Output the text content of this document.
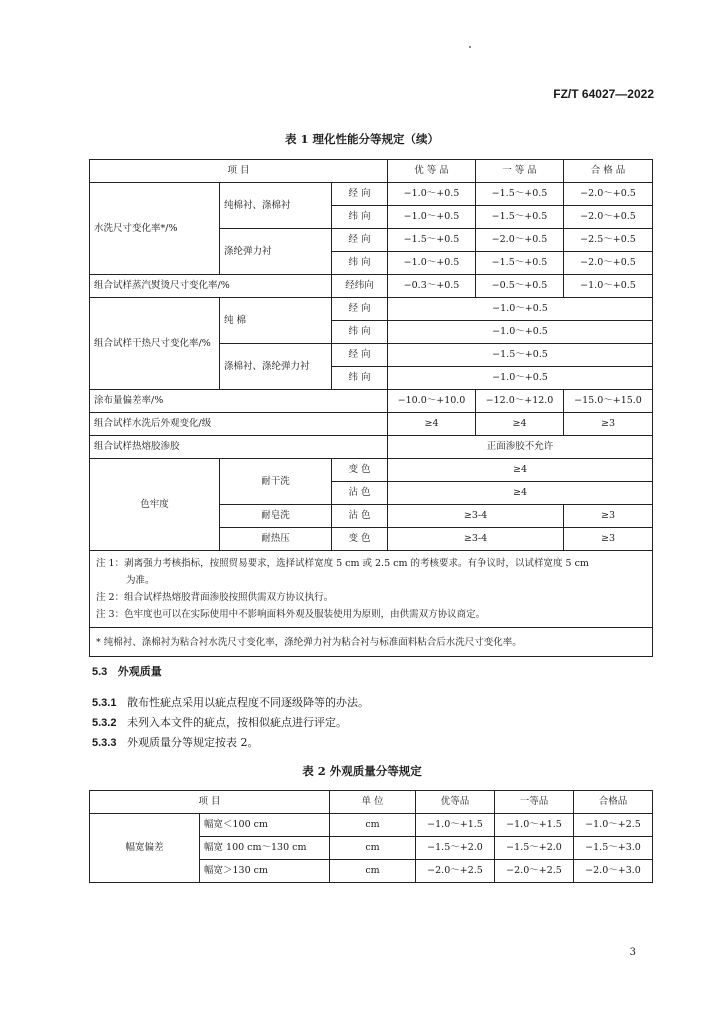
FZ/T 64027—2022
表 1 理化性能分等规定（续）
项 目			优 等 品	一 等 品	合 格 品
水洗尺寸变化率*/%	纯棉衬、涤棉衬	经 向	−1.0～+0.5	−1.5～+0.5	−2.0～+0.5
		纬 向	−1.0～+0.5	−1.5～+0.5	−2.0～+0.5
	涤纶弹力衬	经 向	−1.5～+0.5	−2.0～+0.5	−2.5～+0.5
		纬 向	−1.0～+0.5	−1.5～+0.5	−2.0～+0.5
组合试样蒸汽熨烫尺寸变化率/%		经纬向	−0.3～+0.5	−0.5～+0.5	−1.0～+0.5
组合试样干热尺寸变化率/%	纯 棉	经 向	−1.0～+0.5		
		纬 向	−1.0～+0.5		
	涤棉衬、涤纶弹力衬	经 向	−1.5～+0.5		
		纬 向	−1.0～+0.5		
涂布量偏差率/%			−10.0～+10.0	−12.0～+12.0	−15.0～+15.0
组合试样水洗后外观变化/级			≥4	≥4	≥3
组合试样热熔胶渗胶			正面渗胶不允许		
色牢度	耐干洗	变 色	≥4		
		沾 色	≥4		
	耐皂洗	沾 色	≥3-4		≥3
	耐热压	变 色	≥3-4		≥3

注 1：剥离强力考核指标，按照贸易要求，选择试样宽度 5 cm 或 2.5 cm 的考核要求。有争议时，以试样宽度 5 cm
为准。
注 2：组合试样热熔胶背面渗胶按照供需双方协议执行。
注 3：色牢度也可以在实际使用中不影响面料外观及服装使用为原则，由供需双方协议商定。					

* 纯棉衬、涤棉衬为粘合衬水洗尺寸变化率，涤纶弹力衬为粘合衬与标准面料粘合后水洗尺寸变化率。					
5.3 外观质量
5.3.1 散布性疵点采用以疵点程度不同逐级降等的办法。
5.3.2 未列入本文件的疵点，按相似疵点进行评定。
5.3.3 外观质量分等规定按表 2。
表 2 外观质量分等规定
项 目		单 位	优等品	一等品	合格品
幅宽偏差	幅宽＜100 cm	cm	−1.0～+1.5	−1.0～+1.5	−1.0～+2.5
	幅宽 100 cm～130 cm	cm	−1.5～+2.0	−1.5～+2.0	−1.5～+3.0
	幅宽＞130 cm	cm	−2.0～+2.5	−2.0～+2.5	−2.0～+3.0
3
